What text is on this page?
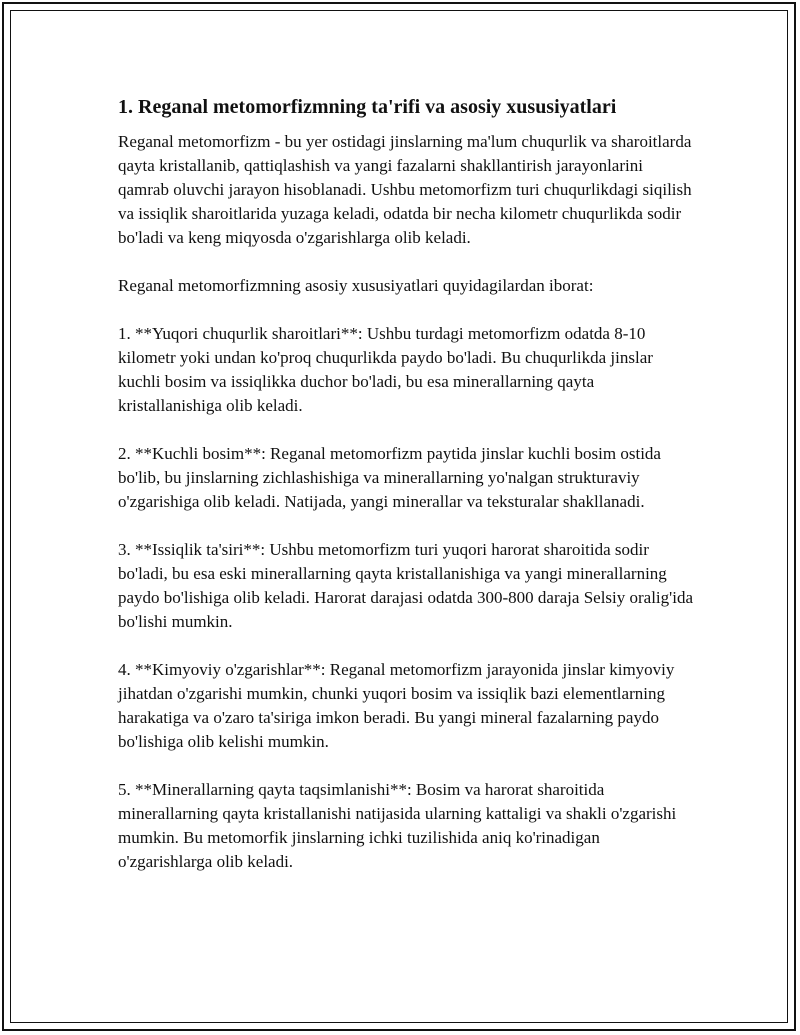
1. Reganal metomorfizmning ta'rifi va asosiy xususiyatlari

Reganal metomorfizm - bu yer ostidagi jinslarning ma'lum chuqurlik va sharoitlarda qayta kristallanib, qattiqlashish va yangi fazalarni shakllantirish jarayonlarini qamrab oluvchi jarayon hisoblanadi. Ushbu metomorfizm turi chuqurlikdagi siqilish va issiqlik sharoitlarida yuzaga keladi, odatda bir necha kilometr chuqurlikda sodir bo'ladi va keng miqyosda o'zgarishlarga olib keladi.

Reganal metomorfizmning asosiy xususiyatlari quyidagilardan iborat:

1. **Yuqori chuqurlik sharoitlari**: Ushbu turdagi metomorfizm odatda 8-10 kilometr yoki undan ko'proq chuqurlikda paydo bo'ladi. Bu chuqurlikda jinslar kuchli bosim va issiqlikka duchor bo'ladi, bu esa minerallarning qayta kristallanishiga olib keladi.

2. **Kuchli bosim**: Reganal metomorfizm paytida jinslar kuchli bosim ostida bo'lib, bu jinslarning zichlashishiga va minerallarning yo'nalgan strukturaviy o'zgarishiga olib keladi. Natijada, yangi minerallar va teksturalar shakllanadi.

3. **Issiqlik ta'siri**: Ushbu metomorfizm turi yuqori harorat sharoitida sodir bo'ladi, bu esa eski minerallarning qayta kristallanishiga va yangi minerallarning paydo bo'lishiga olib keladi. Harorat darajasi odatda 300-800 daraja Selsiy oralig'ida bo'lishi mumkin.

4. **Kimyoviy o'zgarishlar**: Reganal metomorfizm jarayonida jinslar kimyoviy jihatdan o'zgarishi mumkin, chunki yuqori bosim va issiqlik bazi elementlarning harakatiga va o'zaro ta'siriga imkon beradi. Bu yangi mineral fazalarning paydo bo'lishiga olib kelishi mumkin.

5. **Minerallarning qayta taqsimlanishi**: Bosim va harorat sharoitida minerallarning qayta kristallanishi natijasida ularning kattaligi va shakli o'zgarishi mumkin. Bu metomorfik jinslarning ichki tuzilishida aniq ko'rinadigan o'zgarishlarga olib keladi.
